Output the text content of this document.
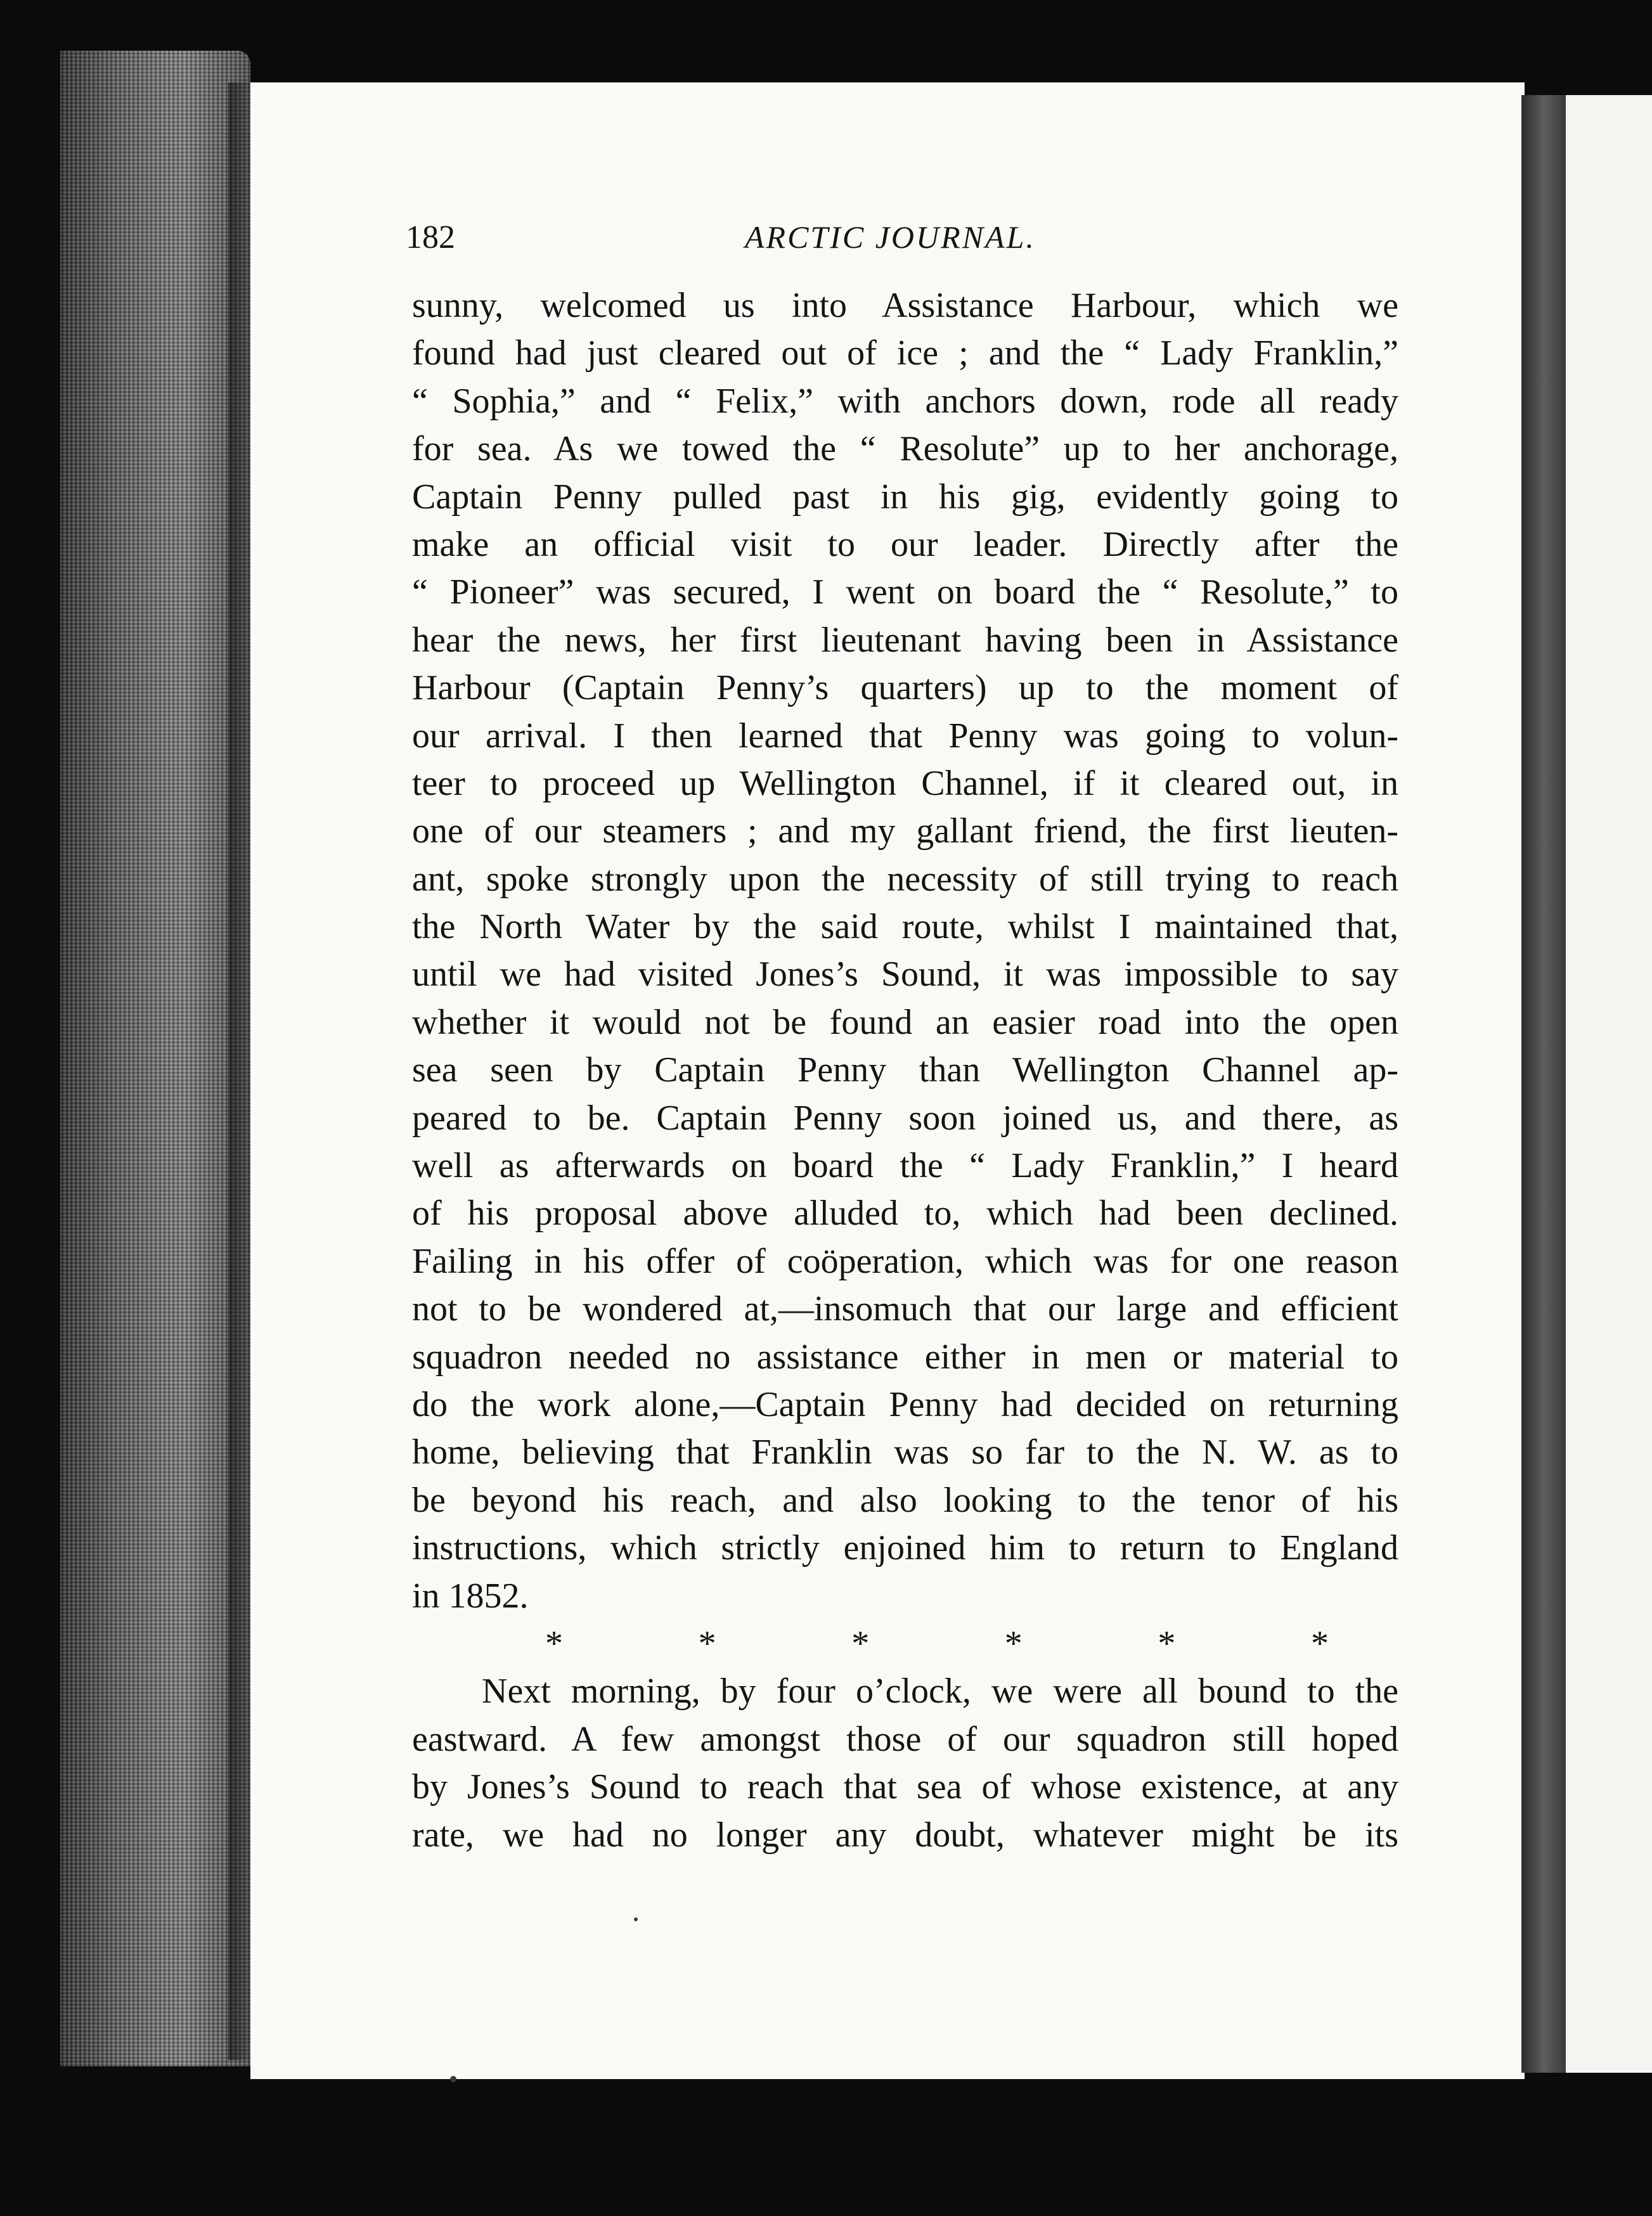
182	ARCTIC JOURNAL.
sunny, welcomed us into Assistance Harbour, which we
found had just cleared out of ice ; and the “ Lady Franklin,”
“ Sophia,” and “ Felix,” with anchors down, rode all ready
for sea. As we towed the “ Resolute” up to her anchorage,
Captain Penny pulled past in his gig, evidently going to
make an official visit to our leader. Directly after the
“ Pioneer” was secured, I went on board the “ Resolute,” to
hear the news, her first lieutenant having been in Assistance
Harbour (Captain Penny’s quarters) up to the moment of
our arrival. I then learned that Penny was going to volun-
teer to proceed up Wellington Channel, if it cleared out, in
one of our steamers ; and my gallant friend, the first lieuten-
ant, spoke strongly upon the necessity of still trying to reach
the North Water by the said route, whilst I maintained that,
until we had visited Jones’s Sound, it was impossible to say
whether it would not be found an easier road into the open
sea seen by Captain Penny than Wellington Channel ap-
peared to be. Captain Penny soon joined us, and there, as
well as afterwards on board the “ Lady Franklin,” I heard
of his proposal above alluded to, which had been declined.
Failing in his offer of coöperation, which was for one reason
not to be wondered at,—insomuch that our large and efficient
squadron needed no assistance either in men or material to
do the work alone,—Captain Penny had decided on returning
home, believing that Franklin was so far to the N. W. as to
be beyond his reach, and also looking to the tenor of his
instructions, which strictly enjoined him to return to England
in 1852.
*	*	*	*	*	*
Next morning, by four o’clock, we were all bound to the
eastward. A few amongst those of our squadron still hoped
by Jones’s Sound to reach that sea of whose existence, at any
rate, we had no longer any doubt, whatever might be its
